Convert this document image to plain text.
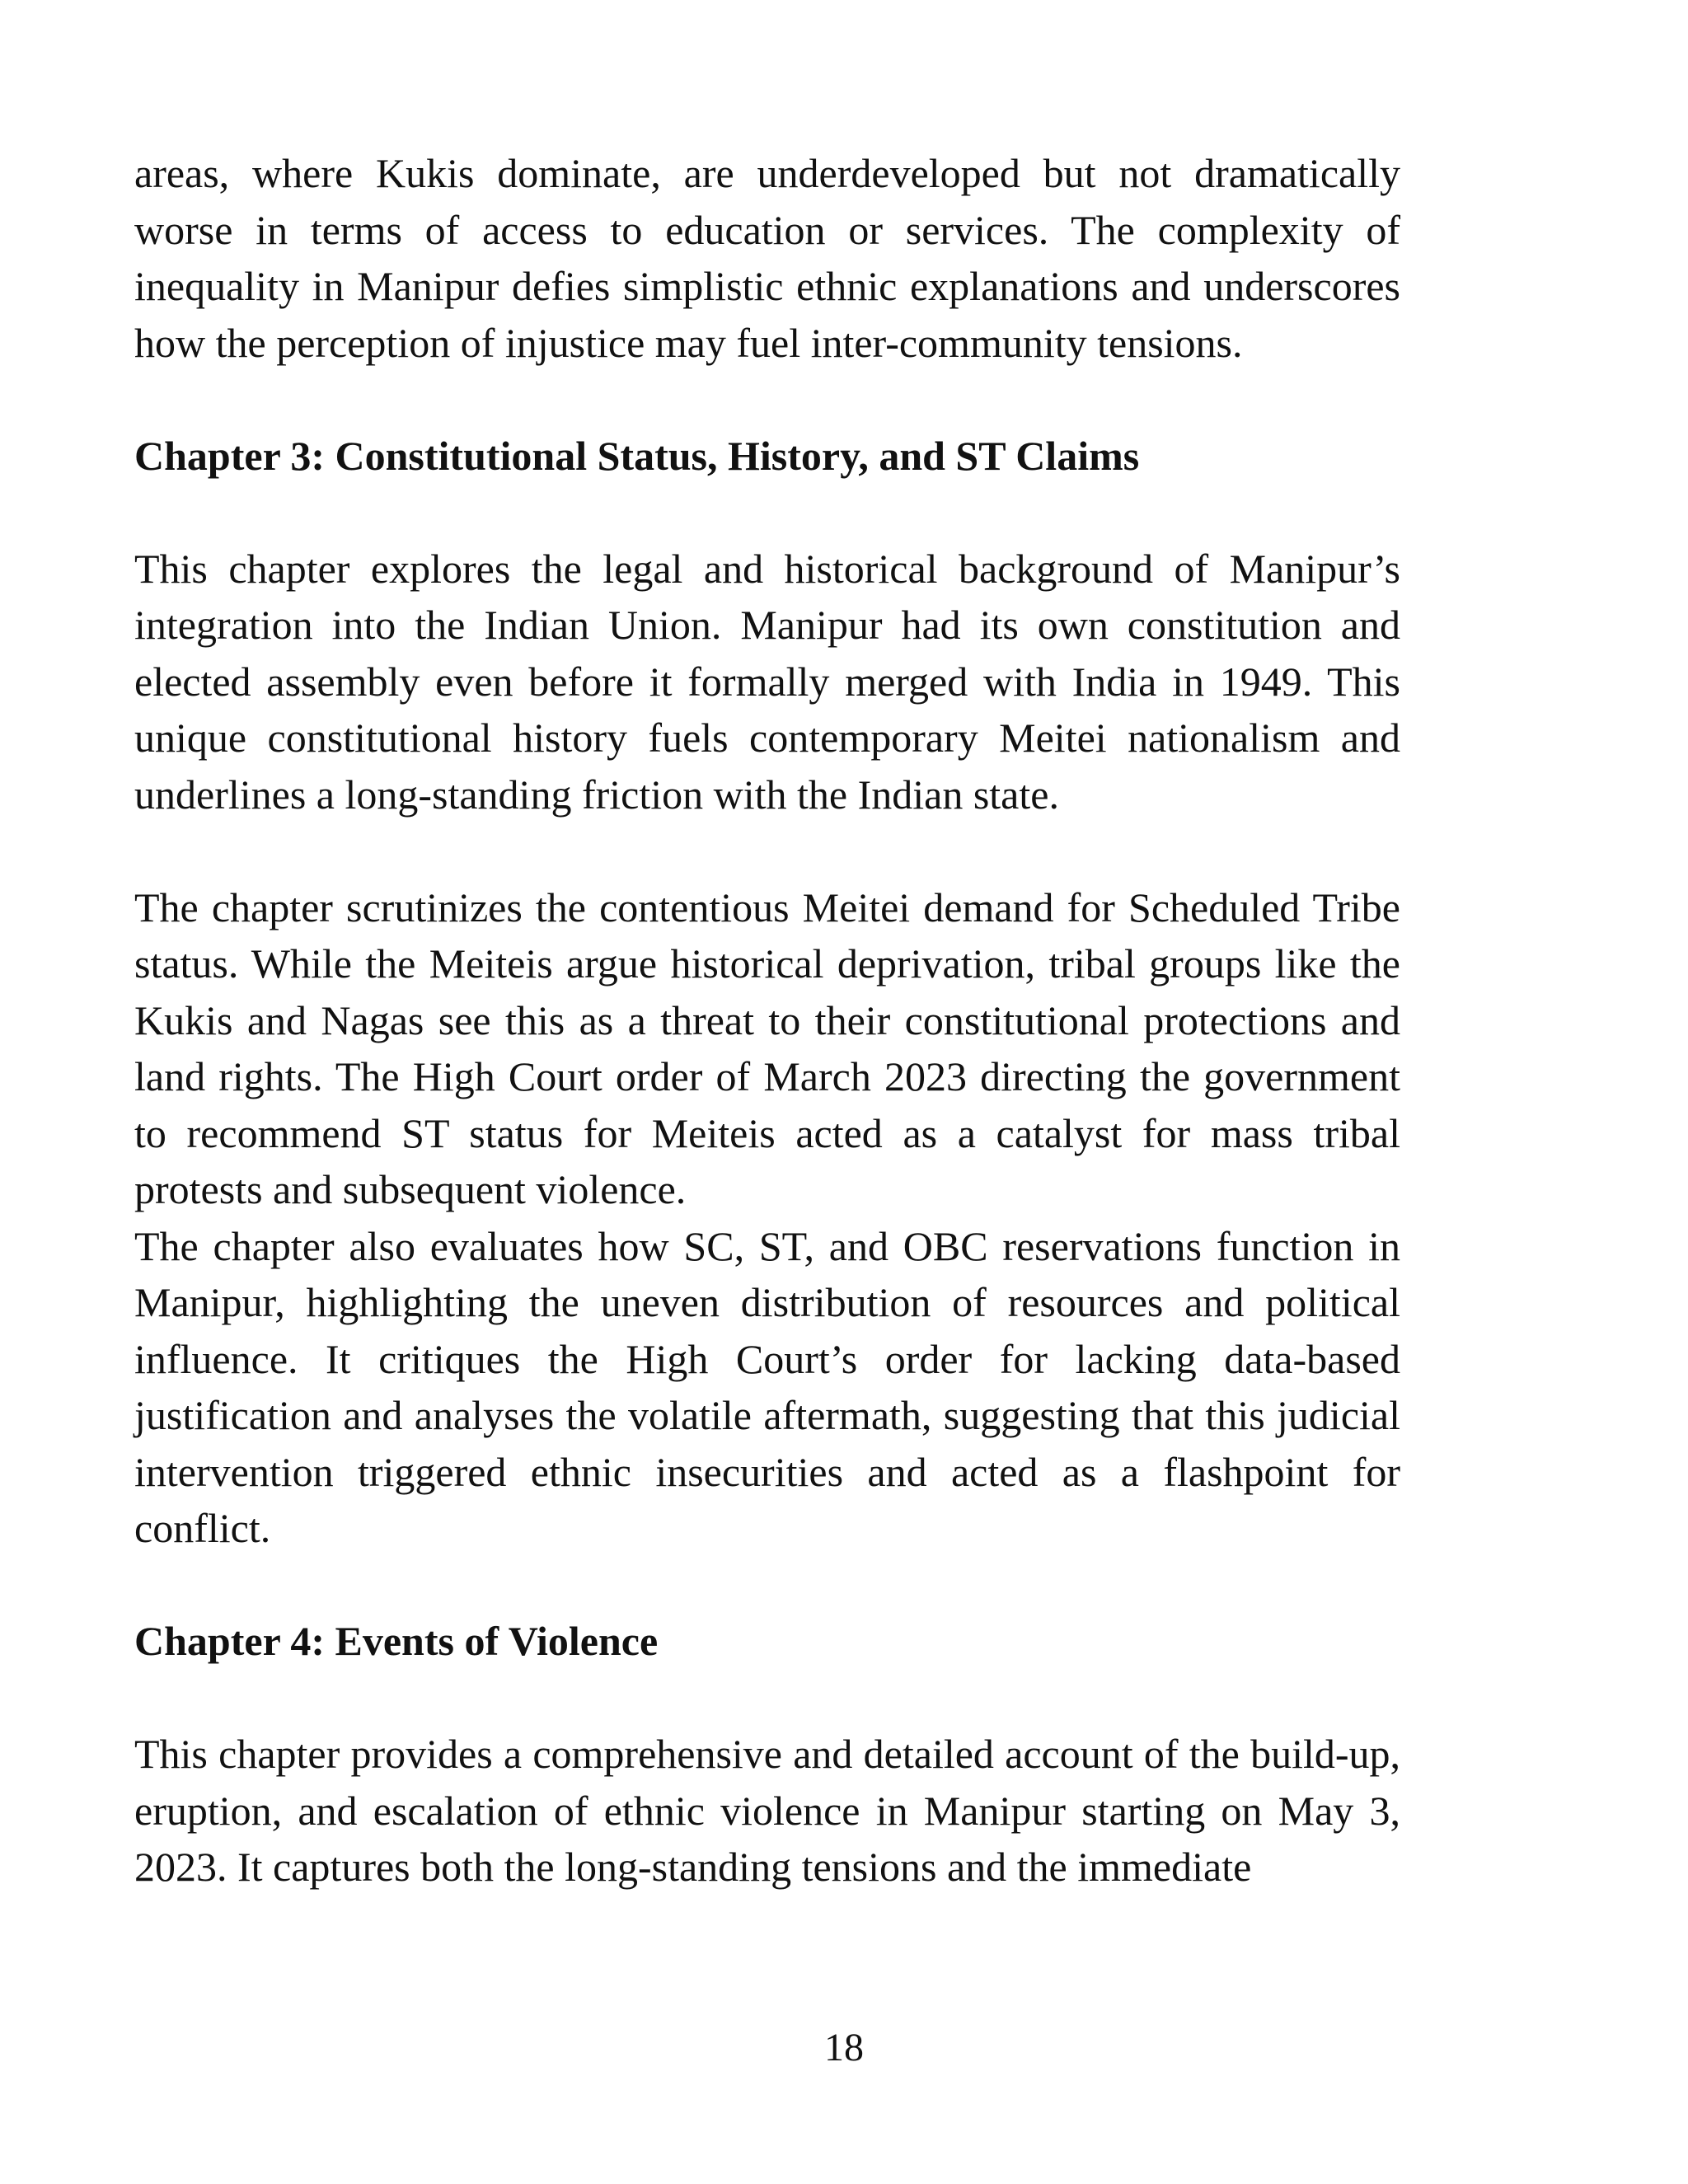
areas, where Kukis dominate, are underdeveloped but not dramatically worse in terms of access to education or services. The complexity of inequality in Manipur defies simplistic ethnic explanations and underscores how the perception of injustice may fuel inter-community tensions.

Chapter 3: Constitutional Status, History, and ST Claims

This chapter explores the legal and historical background of Manipur’s integration into the Indian Union. Manipur had its own constitution and elected assembly even before it formally merged with India in 1949. This unique constitutional history fuels contemporary Meitei nationalism and underlines a long-standing friction with the Indian state.

The chapter scrutinizes the contentious Meitei demand for Scheduled Tribe status. While the Meiteis argue historical deprivation, tribal groups like the Kukis and Nagas see this as a threat to their constitutional protections and land rights. The High Court order of March 2023 directing the government to recommend ST status for Meiteis acted as a catalyst for mass tribal protests and subsequent violence.

The chapter also evaluates how SC, ST, and OBC reservations function in Manipur, highlighting the uneven distribution of resources and political influence. It critiques the High Court’s order for lacking data-based justification and analyses the volatile aftermath, suggesting that this judicial intervention triggered ethnic insecurities and acted as a flashpoint for conflict.

Chapter 4: Events of Violence

This chapter provides a comprehensive and detailed account of the build-up, eruption, and escalation of ethnic violence in Manipur starting on May 3, 2023. It captures both the long-standing tensions and the immediate

18
